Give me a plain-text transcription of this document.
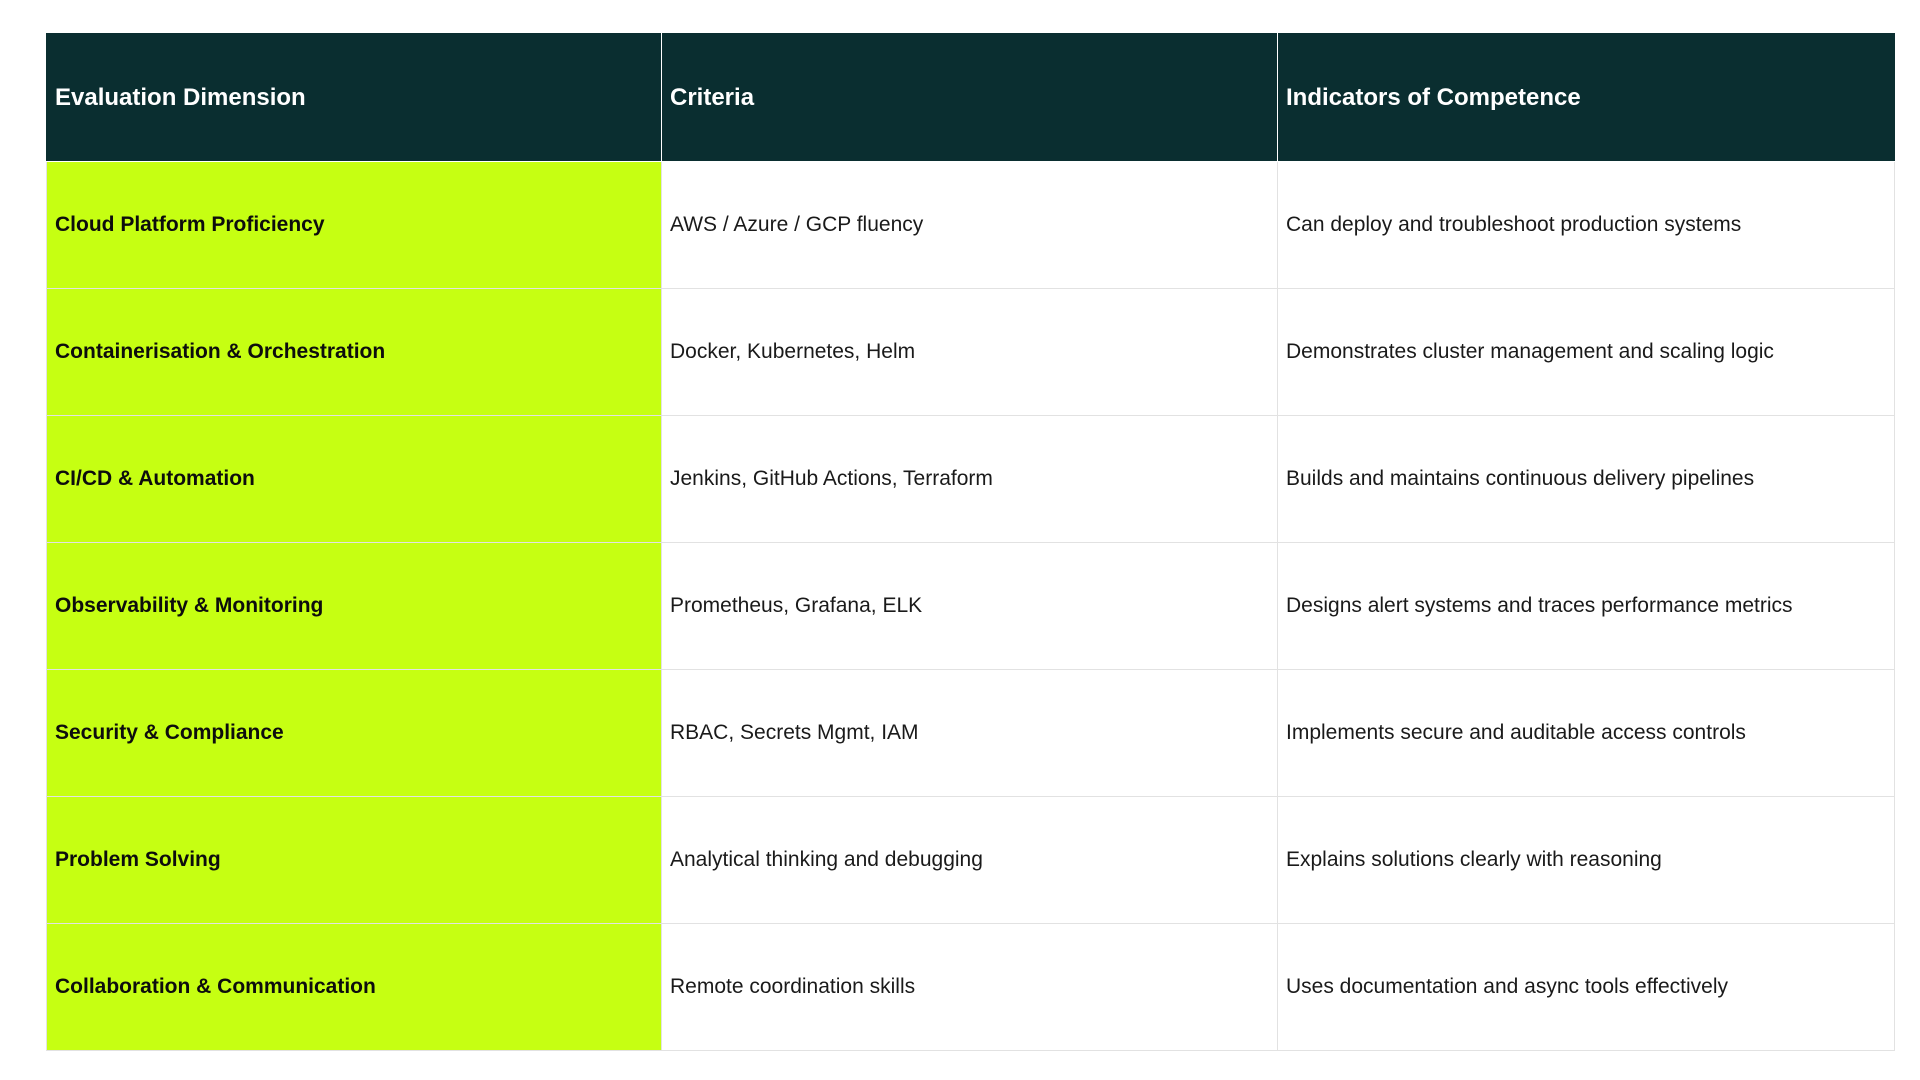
Evaluation Dimension	Criteria	Indicators of Competence
Cloud Platform Proficiency	AWS / Azure / GCP fluency	Can deploy and troubleshoot production systems
Containerisation & Orchestration	Docker, Kubernetes, Helm	Demonstrates cluster management and scaling logic
CI/CD & Automation	Jenkins, GitHub Actions, Terraform	Builds and maintains continuous delivery pipelines
Observability & Monitoring	Prometheus, Grafana, ELK	Designs alert systems and traces performance metrics
Security & Compliance	RBAC, Secrets Mgmt, IAM	Implements secure and auditable access controls
Problem Solving	Analytical thinking and debugging	Explains solutions clearly with reasoning
Collaboration & Communication	Remote coordination skills	Uses documentation and async tools effectively
